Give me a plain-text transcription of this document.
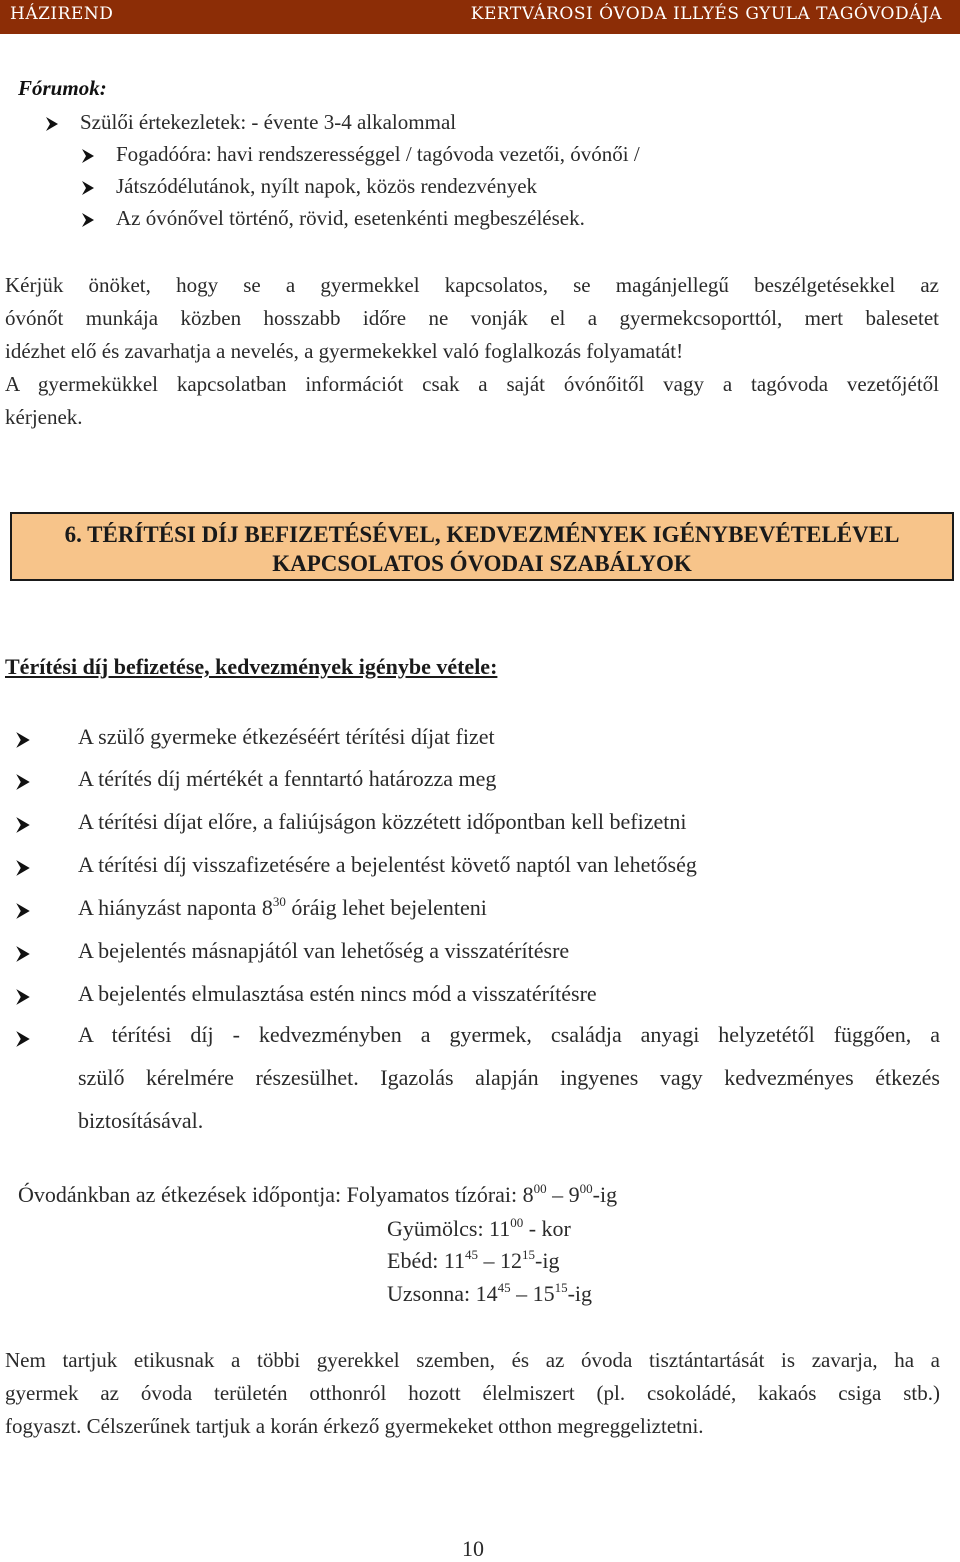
HÁZIREND	KERTVÁROSI ÓVODA ILLYÉS GYULA TAGÓVODÁJA
Fórumok:
Szülői értekezletek: - évente 3-4 alkalommal
Fogadóóra: havi rendszerességgel / tagóvoda vezetői, óvónői /
Játszódélutánok, nyílt napok, közös rendezvények
Az óvónővel történő, rövid, esetenkénti megbeszélések.
Kérjük önöket, hogy se a gyermekkel kapcsolatos, se magánjellegű beszélgetésekkel az
óvónőt munkája közben hosszabb időre ne vonják el a gyermekcsoporttól, mert balesetet
idézhet elő és zavarhatja a nevelés, a gyermekekkel való foglalkozás folyamatát!
A gyermekükkel kapcsolatban információt csak a saját óvónőitől vagy a tagóvoda vezetőjétől
kérjenek.
6. TÉRÍTÉSI DÍJ BEFIZETÉSÉVEL, KEDVEZMÉNYEK IGÉNYBEVÉTELÉVEL
KAPCSOLATOS ÓVODAI SZABÁLYOK
Térítési díj befizetése, kedvezmények igénybe vétele:
A szülő gyermeke étkezéséért térítési díjat fizet
A térítés díj mértékét a fenntartó határozza meg
A térítési díjat előre, a faliújságon közzétett időpontban kell befizetni
A térítési díj visszafizetésére a bejelentést követő naptól van lehetőség
A hiányzást naponta $8^{30}$ óráig lehet bejelenteni
A bejelentés másnapjától van lehetőség a visszatérítésre
A bejelentés elmulasztása estén nincs mód a visszatérítésre
A térítési díj - kedvezményben a gyermek, családja anyagi helyzetétől függően, a
szülő kérelmére részesülhet. Igazolás alapján ingyenes vagy kedvezményes étkezés
biztosításával.
Óvodánkban az étkezések időpontja: Folyamatos tízórai: $8^{00} - 9^{00}-ig$
Gyümölcs: $11^{00}$ - kor
Ebéd: $11^{45} - 12^{15}-ig$
Uzsonna: $14^{45} - 15^{15}-ig$
Nem tartjuk etikusnak a többi gyerekkel szemben, és az óvoda tisztántartását is zavarja, ha a
gyermek az óvoda területén otthonról hozott élelmiszert (pl. csokoládé, kakaós csiga stb.)
fogyaszt. Célszerűnek tartjuk a korán érkező gyermekeket otthon megreggeliztetni.
10
